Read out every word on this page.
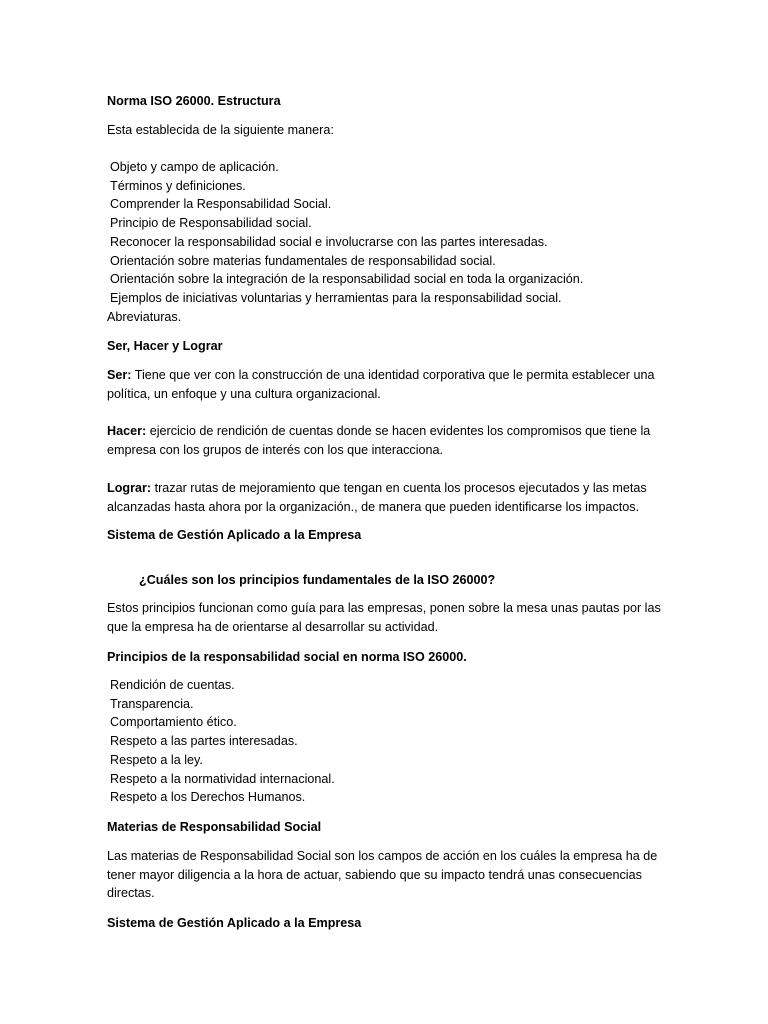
Norma ISO 26000. Estructura
Esta establecida de la siguiente manera:
Objeto y campo de aplicación.
Términos y definiciones.
Comprender la Responsabilidad Social.
Principio de Responsabilidad social.
Reconocer la responsabilidad social e involucrarse con las partes interesadas.
Orientación sobre materias fundamentales de responsabilidad social.
Orientación sobre la integración de la responsabilidad social en toda la organización.
Ejemplos de iniciativas voluntarias y herramientas para la responsabilidad social.
Abreviaturas.
Ser, Hacer y Lograr
Ser: Tiene que ver con la construcción de una identidad corporativa que le permita establecer una
política, un enfoque y una cultura organizacional.
Hacer: ejercicio de rendición de cuentas donde se hacen evidentes los compromisos que tiene la
empresa con los grupos de interés con los que interacciona.
Lograr: trazar rutas de mejoramiento que tengan en cuenta los procesos ejecutados y las metas
alcanzadas hasta ahora por la organización., de manera que pueden identificarse los impactos.
Sistema de Gestión Aplicado a la Empresa
¿Cuáles son los principios fundamentales de la ISO 26000?
Estos principios funcionan como guía para las empresas, ponen sobre la mesa unas pautas por las
que la empresa ha de orientarse al desarrollar su actividad.
Principios de la responsabilidad social en norma ISO 26000.
Rendición de cuentas.
Transparencia.
Comportamiento ético.
Respeto a las partes interesadas.
Respeto a la ley.
Respeto a la normatividad internacional.
Respeto a los Derechos Humanos.
Materias de Responsabilidad Social
Las materias de Responsabilidad Social son los campos de acción en los cuáles la empresa ha de
tener mayor diligencia a la hora de actuar, sabiendo que su impacto tendrá unas consecuencias
directas.
Sistema de Gestión Aplicado a la Empresa
